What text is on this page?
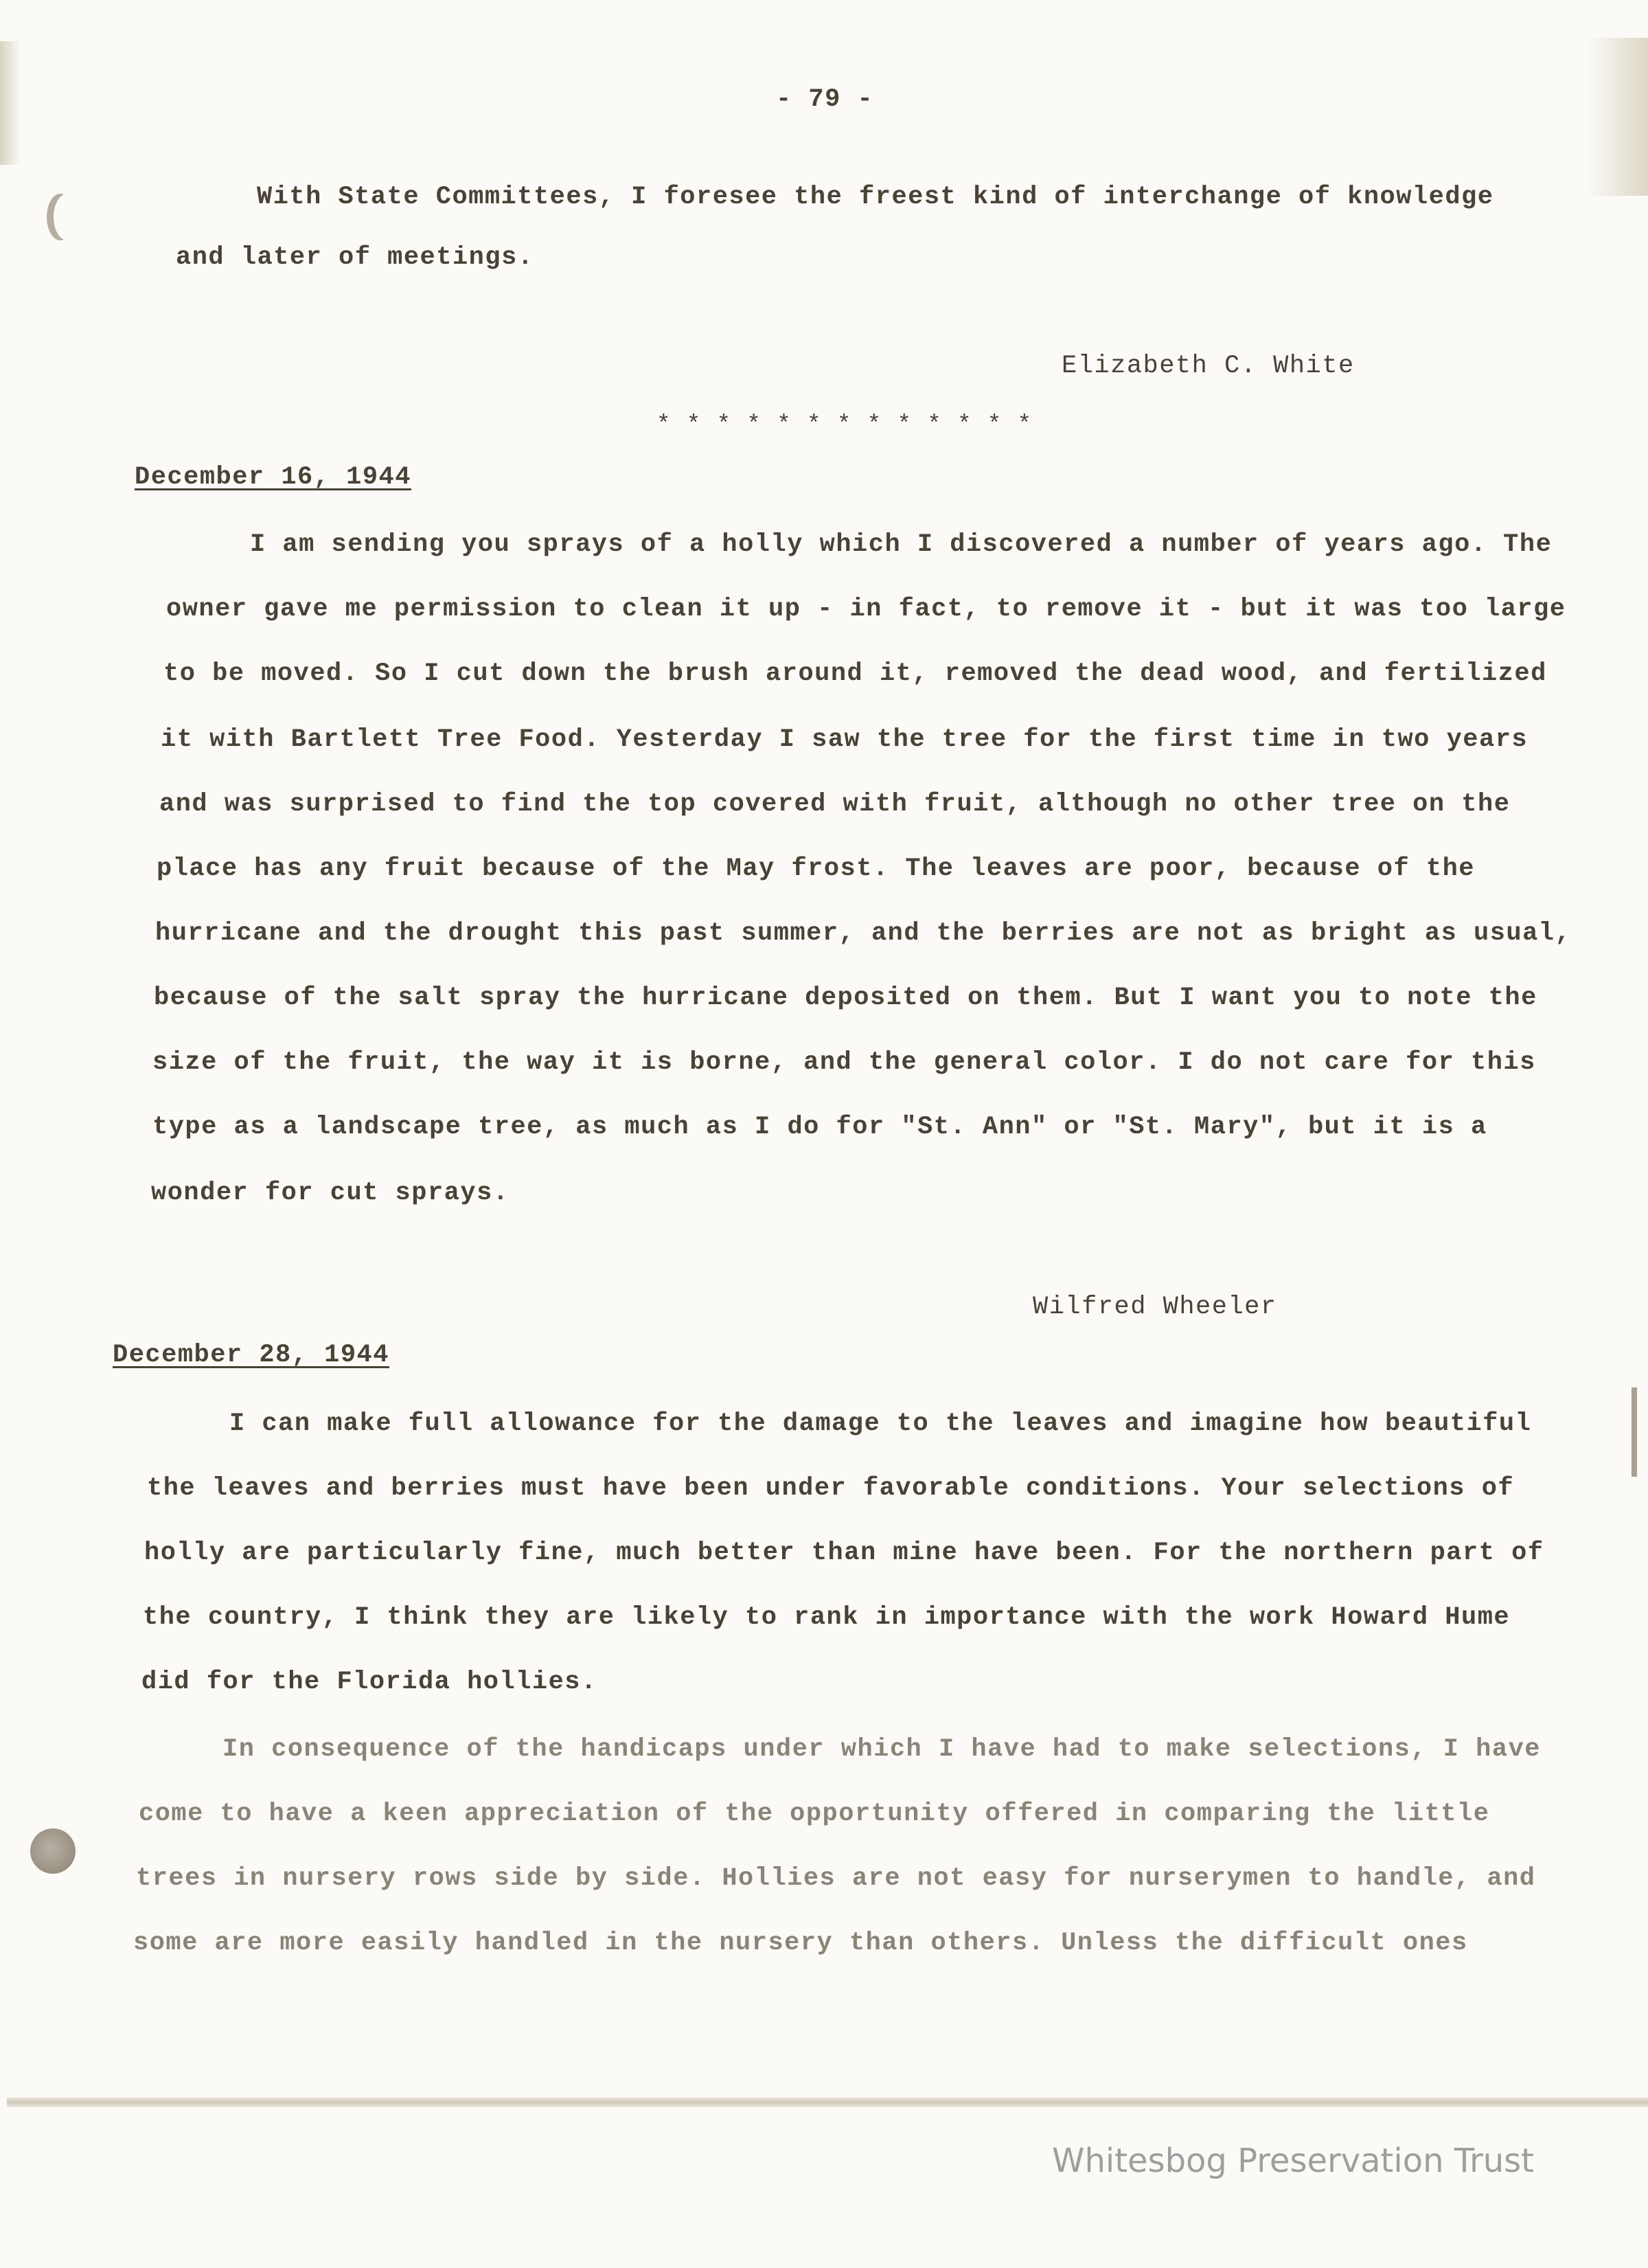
- 79 -
With State Committees, I foresee the freest kind of interchange of knowledge
and later of meetings.
Elizabeth C. White
* * * * * * * * * * * * *
December 16, 1944
I am sending you sprays of a holly which I discovered a number of years ago. The
owner gave me permission to clean it up - in fact, to remove it - but it was too large
to be moved. So I cut down the brush around it, removed the dead wood, and fertilized
it with Bartlett Tree Food. Yesterday I saw the tree for the first time in two years
and was surprised to find the top covered with fruit, although no other tree on the
place has any fruit because of the May frost. The leaves are poor, because of the
hurricane and the drought this past summer, and the berries are not as bright as usual,
because of the salt spray the hurricane deposited on them. But I want you to note the
size of the fruit, the way it is borne, and the general color. I do not care for this
type as a landscape tree, as much as I do for "St. Ann" or "St. Mary", but it is a
wonder for cut sprays.
Wilfred Wheeler
December 28, 1944
I can make full allowance for the damage to the leaves and imagine how beautiful
the leaves and berries must have been under favorable conditions. Your selections of
holly are particularly fine, much better than mine have been. For the northern part of
the country, I think they are likely to rank in importance with the work Howard Hume
did for the Florida hollies.
In consequence of the handicaps under which I have had to make selections, I have
come to have a keen appreciation of the opportunity offered in comparing the little
trees in nursery rows side by side. Hollies are not easy for nurserymen to handle, and
some are more easily handled in the nursery than others. Unless the difficult ones
Whitesbog Preservation Trust
